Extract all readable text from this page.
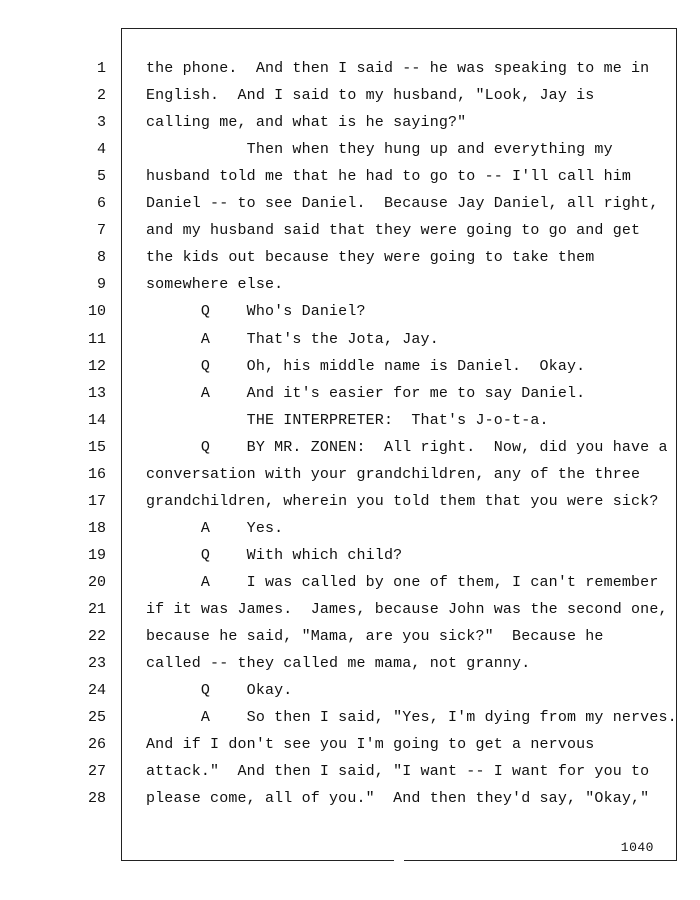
1	the phone.  And then I said -- he was speaking to me in
2	English.  And I said to my husband, "Look, Jay is
3	calling me, and what is he saying?"
4	Then when they hung up and everything my
5	husband told me that he had to go to -- I'll call him
6	Daniel -- to see Daniel.  Because Jay Daniel, all right,
7	and my husband said that they were going to go and get
8	the kids out because they were going to take them
9	somewhere else.
10	Q    Who's Daniel?
11	A    That's the Jota, Jay.
12	Q    Oh, his middle name is Daniel.  Okay.
13	A    And it's easier for me to say Daniel.
14	THE INTERPRETER:  That's J-o-t-a.
15	Q    BY MR. ZONEN:  All right.  Now, did you have a
16	conversation with your grandchildren, any of the three
17	grandchildren, wherein you told them that you were sick?
18	A    Yes.
19	Q    With which child?
20	A    I was called by one of them, I can't remember
21	if it was James.  James, because John was the second one,
22	because he said, "Mama, are you sick?"  Because he
23	called -- they called me mama, not granny.
24	Q    Okay.
25	A    So then I said, "Yes, I'm dying from my nerves.
26	And if I don't see you I'm going to get a nervous
27	attack."  And then I said, "I want -- I want for you to
28	please come, all of you."  And then they'd say, "Okay,"
1040
